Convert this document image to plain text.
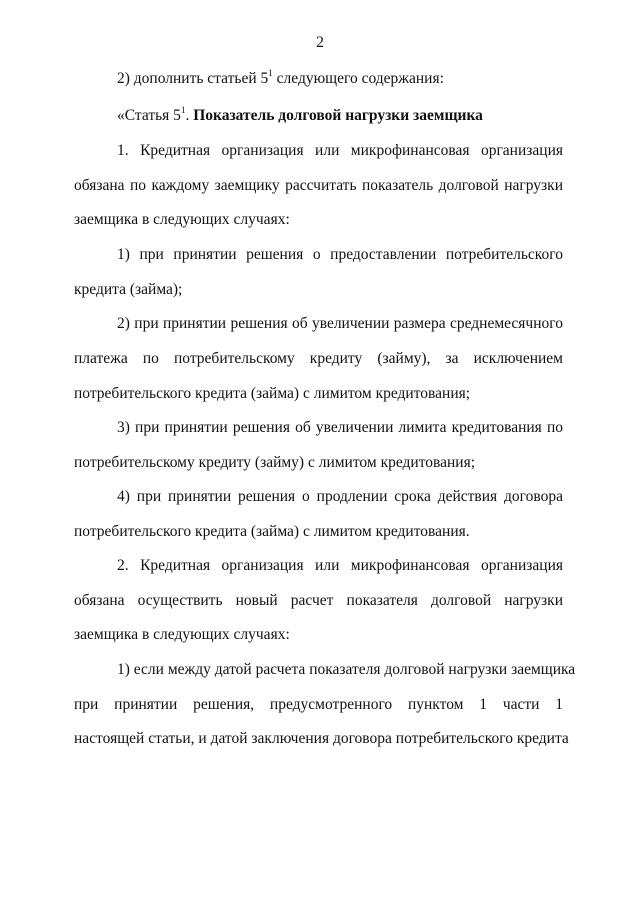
2
2) дополнить статьей $5^1$ следующего содержания:
«Статья $5^1$. Показатель долговой нагрузки заемщика
1. Кредитная организация или микрофинансовая организация
обязана по каждому заемщику рассчитать показатель долговой нагрузки
заемщика в следующих случаях:
1) при принятии решения о предоставлении потребительского
кредита (займа);
2) при принятии решения об увеличении размера среднемесячного
платежа по потребительскому кредиту (займу), за исключением
потребительского кредита (займа) с лимитом кредитования;
3) при принятии решения об увеличении лимита кредитования по
потребительскому кредиту (займу) с лимитом кредитования;
4) при принятии решения о продлении срока действия договора
потребительского кредита (займа) с лимитом кредитования.
2. Кредитная организация или микрофинансовая организация
обязана осуществить новый расчет показателя долговой нагрузки
заемщика в следующих случаях:
1) если между датой расчета показателя долговой нагрузки заемщика
при принятии решения, предусмотренного пунктом 1 части 1
настоящей статьи, и датой заключения договора потребительского кредита
